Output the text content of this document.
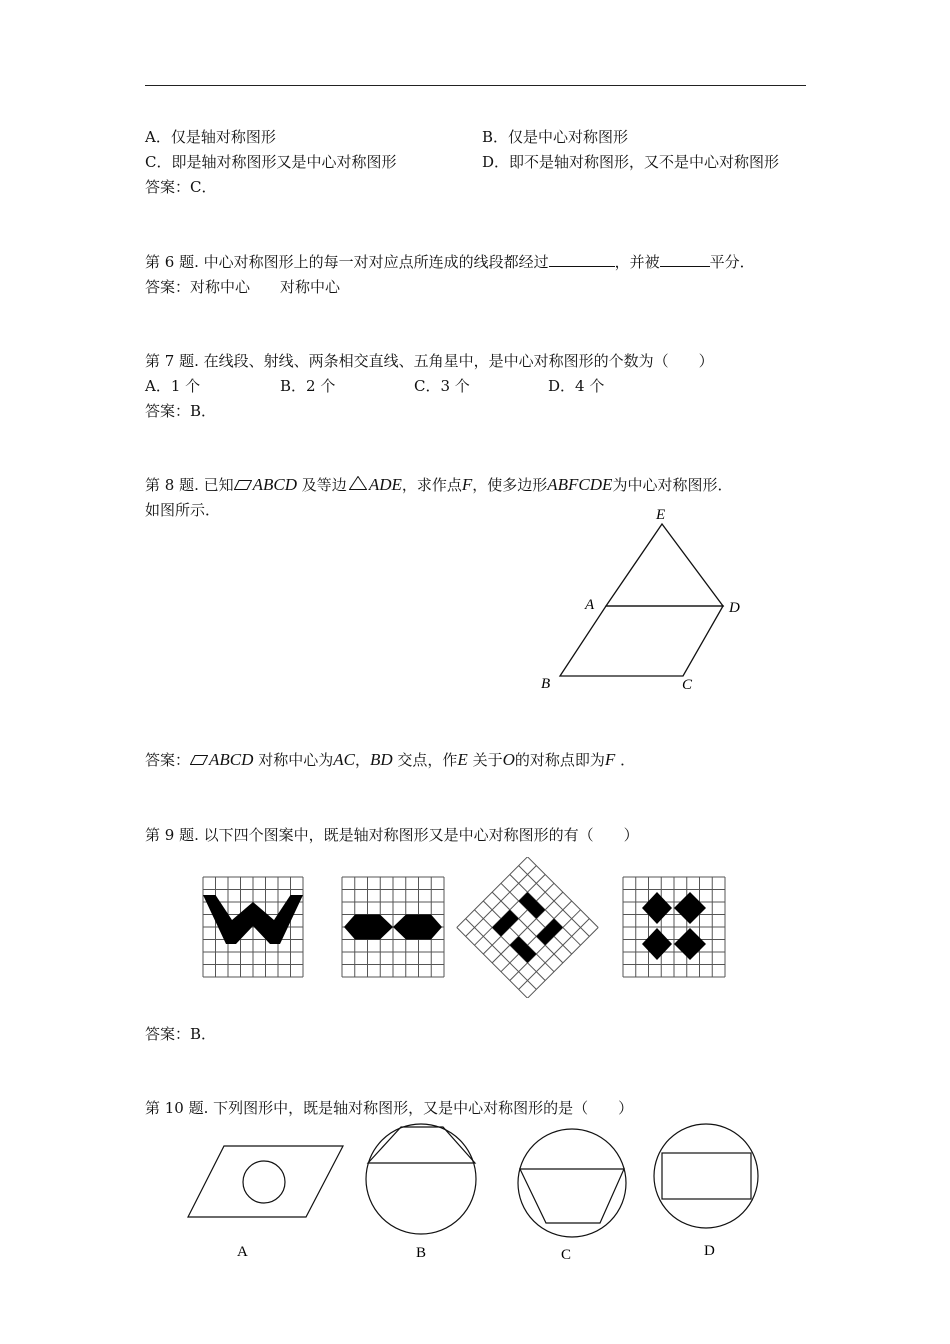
A．仅是轴对称图形	B．仅是中心对称图形
C．即是轴对称图形又是中心对称图形	D．即不是轴对称图形，又不是中心对称图形
答案：C．
第 6 题. 中心对称图形上的每一对对应点所连成的线段都经过	，并被	平分．
答案：对称中心　　对称中心
第 7 题. 在线段、射线、两条相交直线、五角星中，是中心对称图形的个数为（　　）
A．1 个	B．2 个	C．3 个	D．4 个
答案：B．
第 8 题. 已知 ABCD 及等边 ADE，求作点F，使多边形ABFCDE为中心对称图形．
如图所示．	E
A	D
B	C
答案： ABCD 对称中心为AC，BD 交点，作E 关于O的对称点即为F ．
第 9 题. 以下四个图案中，既是轴对称图形又是中心对称图形的有（　　）
答案：B．
第 10 题. 下列图形中，既是轴对称图形，又是中心对称图形的是（　　）
A	B	C	D
